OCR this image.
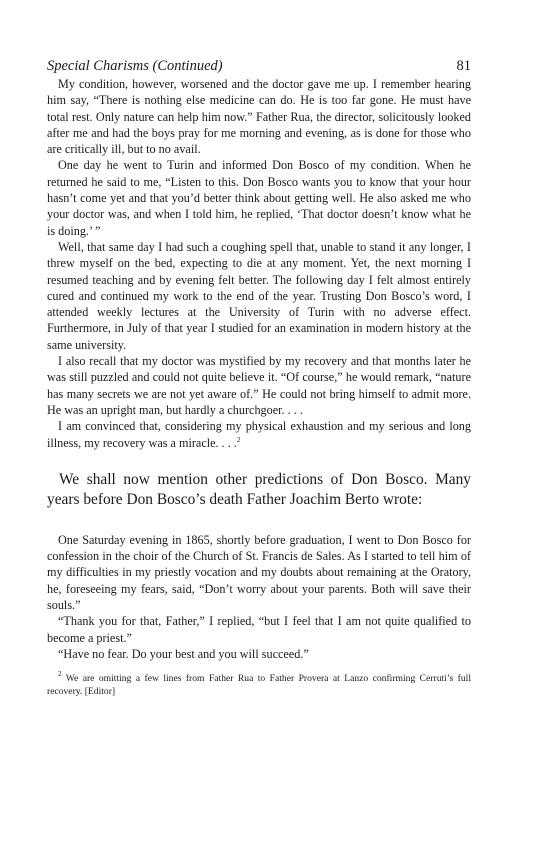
Special Charisms (Continued)	81

My condition, however, worsened and the doctor gave me up. I remember hearing him say, “There is nothing else medicine can do. He is too far gone. He must have total rest. Only nature can help him now.” Father Rua, the director, solicitously looked after me and had the boys pray for me morning and evening, as is done for those who are critically ill, but to no avail.

One day he went to Turin and informed Don Bosco of my condition. When he returned he said to me, “Listen to this. Don Bosco wants you to know that your hour hasn’t come yet and that you’d better think about getting well. He also asked me who your doctor was, and when I told him, he replied, ‘That doctor doesn’t know what he is doing.’ ”

Well, that same day I had such a coughing spell that, unable to stand it any longer, I threw myself on the bed, expecting to die at any moment. Yet, the next morning I resumed teaching and by evening felt better. The following day I felt almost entirely cured and continued my work to the end of the year. Trusting Don Bosco’s word, I attended weekly lectures at the University of Turin with no adverse effect. Furthermore, in July of that year I studied for an examination in modern history at the same university.

I also recall that my doctor was mystified by my recovery and that months later he was still puzzled and could not quite believe it. “Of course,” he would remark, “nature has many secrets we are not yet aware of.” He could not bring himself to admit more. He was an upright man, but hardly a churchgoer. . . .

I am convinced that, considering my physical exhaustion and my serious and long illness, my recovery was a miracle. . . .$^2$

We shall now mention other predictions of Don Bosco. Many years before Don Bosco’s death Father Joachim Berto wrote:

One Saturday evening in 1865, shortly before graduation, I went to Don Bosco for confession in the choir of the Church of St. Francis de Sales. As I started to tell him of my difficulties in my priestly vocation and my doubts about remaining at the Oratory, he, foreseeing my fears, said, “Don’t worry about your parents. Both will save their souls.”

“Thank you for that, Father,” I replied, “but I feel that I am not quite qualified to become a priest.”

“Have no fear. Do your best and you will succeed.”

$^2$ We are omitting a few lines from Father Rua to Father Provera at Lanzo confirming Cerruti’s full recovery. [Editor]
